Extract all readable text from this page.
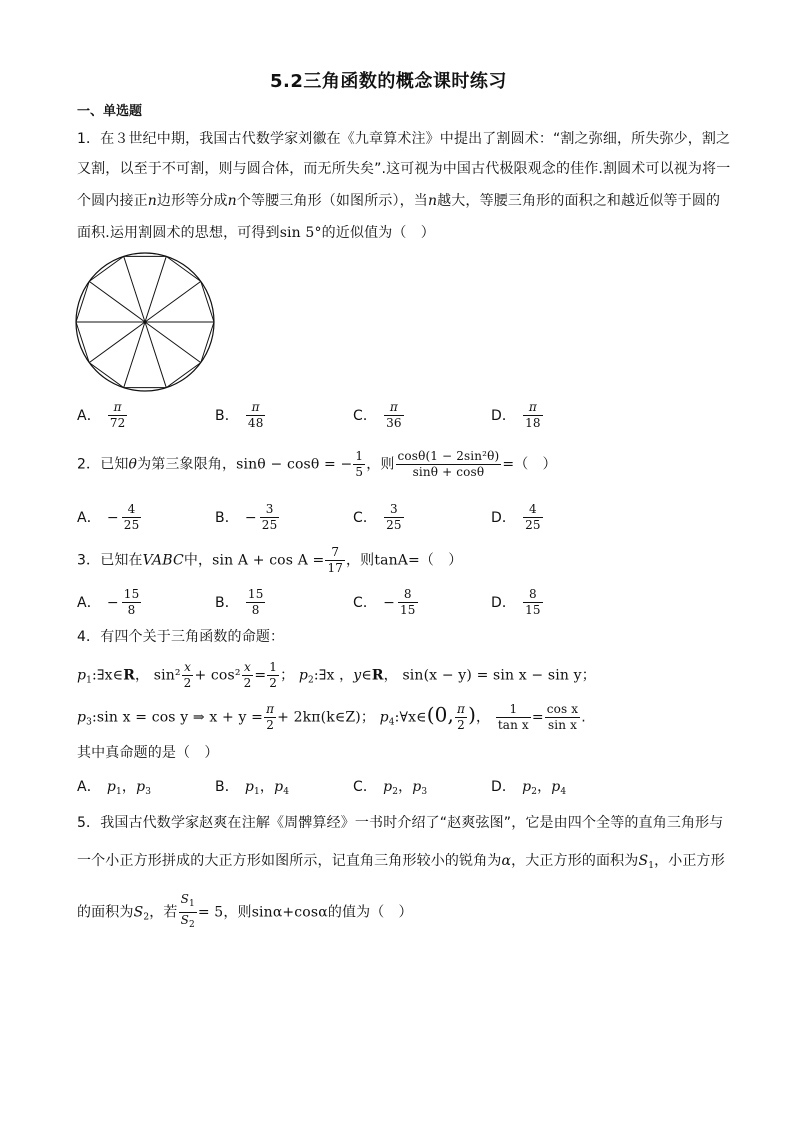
5.2三角函数的概念课时练习
一、单选题
1．在３世纪中期，我国古代数学家刘徽在《九章算术注》中提出了割圆术：“割之弥细，所失弥少，割之
又割，以至于不可割，则与圆合体，而无所失矣”.这可视为中国古代极限观念的佳作.割圆术可以视为将一
个圆内接正n边形等分成n个等腰三角形（如图所示），当n越大，等腰三角形的面积之和越近似等于圆的
面积.运用割圆术的思想，可得到sin 5°的近似值为（　）
A． $\frac{\pi}{72}$	B． $\frac{\pi}{48}$	C． $\frac{\pi}{36}$	D． $\frac{\pi}{18}$
2．已知θ为第三象限角，sinθ − cosθ = − $\frac{1}{5}$ ，则 $\frac{\text{cosθ(1 − 2sin²θ)}}{\sin\theta + \cos\theta}$ =（　）
A． − $\frac{4}{25}$	B． − $\frac{3}{25}$	C． $\frac{3}{25}$	D． $\frac{4}{25}$
3．已知在VABC中，$\sin A + \cos A = \frac{7}{17}$ ，则tanA=（　）
A． − $\frac{15}{8}$	B． $\frac{15}{8}$	C． − $\frac{8}{15}$	D． $\frac{8}{15}$
4．有四个关于三角函数的命题：
$p_1:\exists x\in R$， $\sin^2 \frac{x}{2} + \cos^2 \frac{x}{2} = \frac{1}{2}$ ； $p_2:\exists x$ ，y∈R， sin(x − y) = sin x − sin y；
$p_3:\sin$ x = cos y ⇒ $x + y = \frac{\pi}{2}$ + 2kπ(k∈Z)； $p_4:\forall x\in(0$, $\frac{\pi}{2}$ )， $\frac{1}{\text{tan x}} = \frac{\text{cos x}}{\text{sin x}}$ .
其中真命题的是（　）
A． $p_1$，$p_3$	B． $p_1$，$p_4$	C． $p_2$，$p_3$	D． $p_2$，$p_4$
5．我国古代数学家赵爽在注解《周髀算经》一书时介绍了“赵爽弦图”，它是由四个全等的直角三角形与
一个小正方形拼成的大正方形如图所示，记直角三角形较小的锐角为α，大正方形的面积为$S_1$，小正方形
的面积为$S_2$，若 $\frac{S_1}{S_2} = 5$，则sinα+cosα的值为（　）
